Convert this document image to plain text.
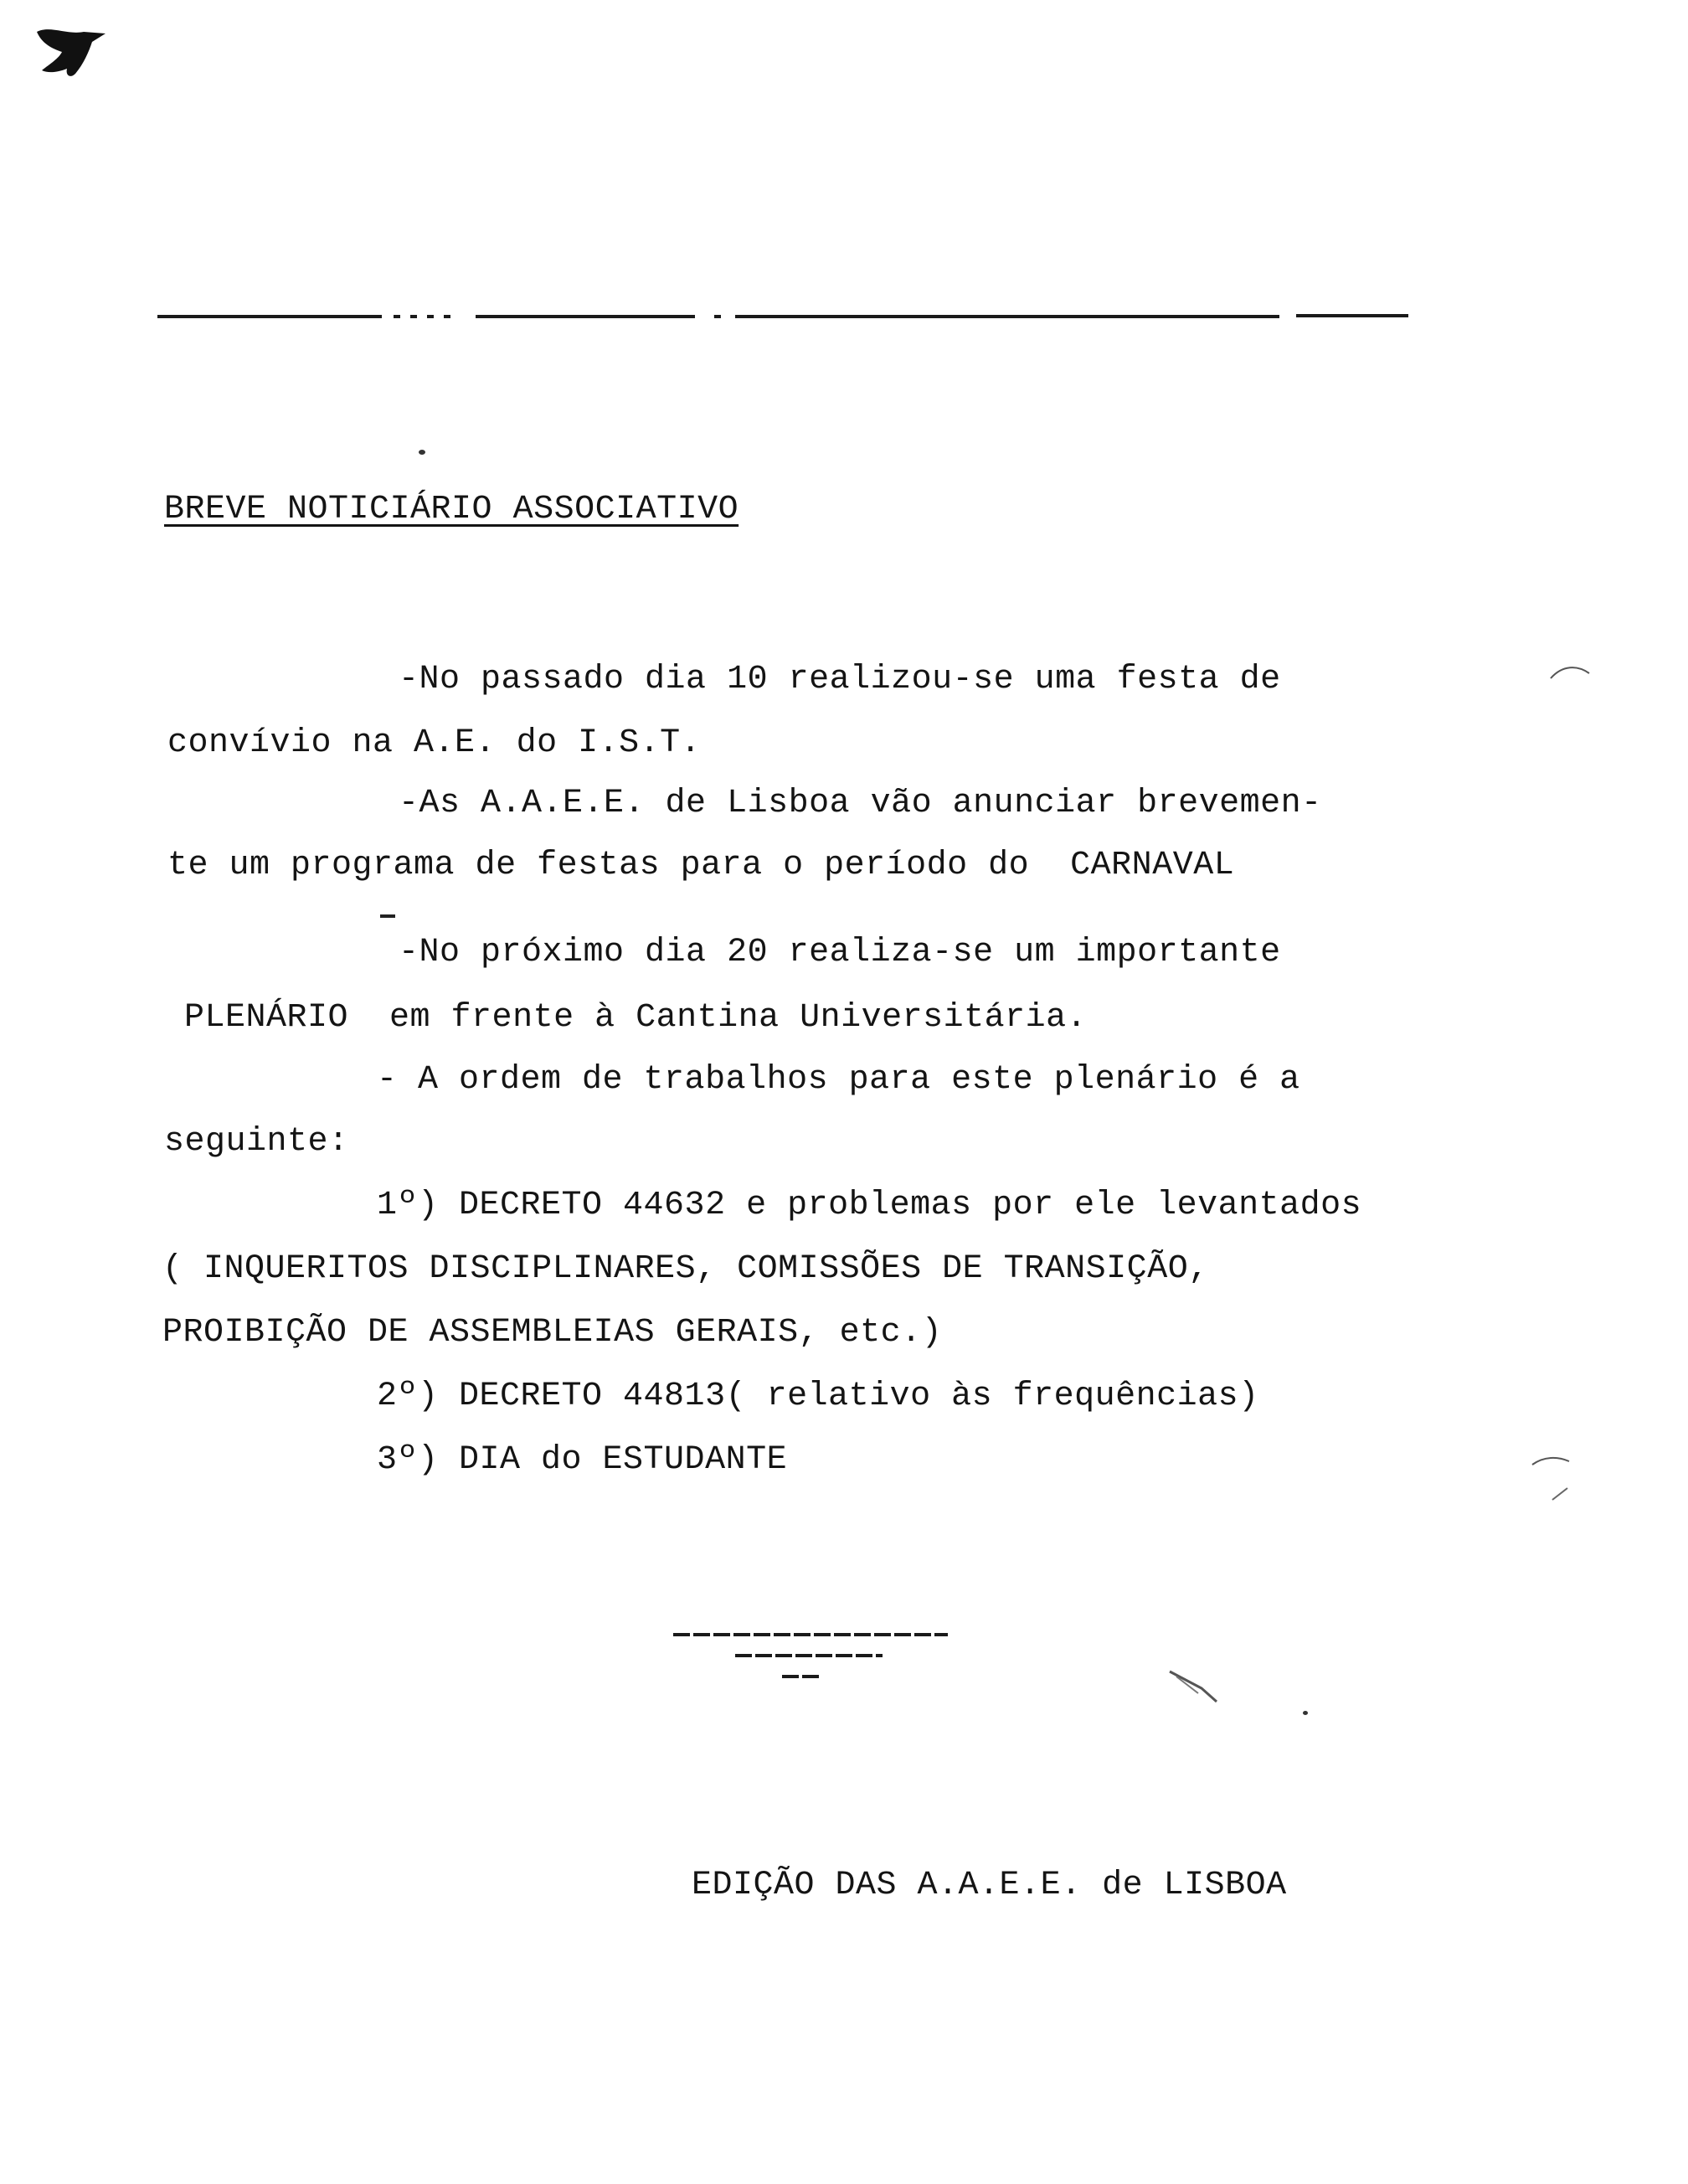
BREVE NOTICIÁRIO ASSOCIATIVO
-No passado dia 10 realizou-se uma festa de
convívio na A.E. do I.S.T.
-As A.A.E.E. de Lisboa vão anunciar brevemen-
te um programa de festas para o período do  CARNAVAL
-No próximo dia 20 realiza-se um importante
PLENÁRIO  em frente à Cantina Universitária.
- A ordem de trabalhos para este plenário é a
seguinte:
1º) DECRETO 44632 e problemas por ele levantados
( INQUERITOS DISCIPLINARES, COMISSÕES DE TRANSIÇÃO,
PROIBIÇÃO DE ASSEMBLEIAS GERAIS, etc.)
2º) DECRETO 44813( relativo às frequências)
3º) DIA do ESTUDANTE
EDIÇÃO DAS A.A.E.E. de LISBOA
